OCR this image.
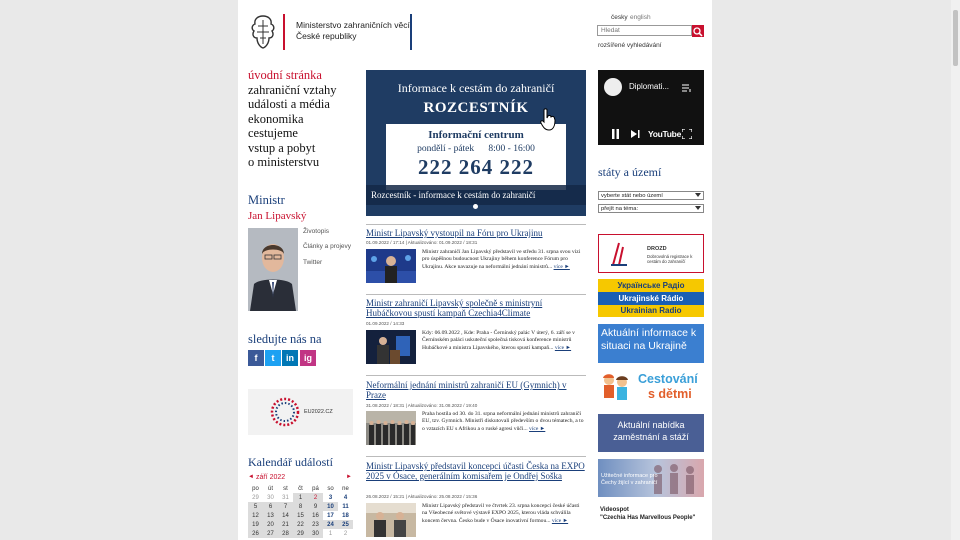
Ministerstvo zahraničních věcí
České republiky
česky english
Hledat
rozšířené vyhledávání
úvodní stránka
zahraniční vztahy
události a média
ekonomika
cestujeme
vstup a pobyt
o ministerstvu
Ministr
Jan Lipavský
Životopis
Články a projevy
Twitter
sledujte nás na
f	t	in	ig
EU2022.CZ
Kalendář událostí
◄ září 2022	►
po	út	st	čt	pá	so	ne
29	30	31	1	2	3	4
5	6	7	8	9	10	11
12	13	14	15	16	17	18
19	20	21	22	23	24	25
26	27	28	29	30	1	2
Informace k cestám do zahraničí
ROZCESTNÍK
Informační centrum
pondělí - pátek      8:00 - 16:00
222 264 222
Rozcestník - informace k cestám do zahraničí
Ministr Lipavský vystoupil na Fóru pro Ukrajinu
01.09.2022 / 17:14 | Aktualizováno: 01.09.2022 / 18:31
Ministr zahraničí Jan Lipavský představil ve středu 31. srpna svou vizi pro úspěšnou budoucnost Ukrajiny během konference Fórum pro Ukrajinu. Akce navazuje na neformální jednání ministrů... více ►
Ministr zahraničí Lipavský společně s ministryní Hubáčkovou spustí kampaň Czechia4Climate
01.09.2022 / 14:33
Kdy: 06.09.2022 , Kde: Praha - Černínský palác V úterý, 6. září se v Černínském paláci uskuteční společná tisková konference ministrů Hubáčkové a ministra Lipavského, kterou spustí kampaň... více ►
Neformální jednání ministrů zahraničí EU (Gymnich) v Praze
31.08.2022 / 18:31 | Aktualizováno: 31.08.2022 / 19:40
Praha hostila od 30. do 31. srpna neformální jednání ministrů zahraničí EU, tzv. Gymnich. Ministři diskutovali především o dvou tématech, a to o vztazích EU s Afrikou a o ruské agresi vůči... více ►
Ministr Lipavský představil koncepci účasti Česka na EXPO 2025 v Ósace, generálním komisařem je Ondřej Soška
26.08.2022 / 15:21 | Aktualizováno: 25.08.2022 / 15:36
Ministr Lipavský představil ve čtvrtek 23. srpna koncepci české účasti na Všeobecné světové výstavě EXPO 2025, kterou vláda schválila koncem června. Česko bude v Ósace inovativní formou... více ►
Diplomati...
YouTube
státy a území
vyberte stát nebo území
přejít na téma:
DROZD
Dobrovolná registrace k cestám do zahraničí
Українське Радіо
Ukrajinské Rádio
Ukrainian Radio
Aktuální informace k situaci na Ukrajině
Cestování
s dětmi
Aktuální nabídka zaměstnání a stáží
Užitečné informace pro Čechy žijící v zahraničí
Videospot
"Czechia Has Marvellous People"
